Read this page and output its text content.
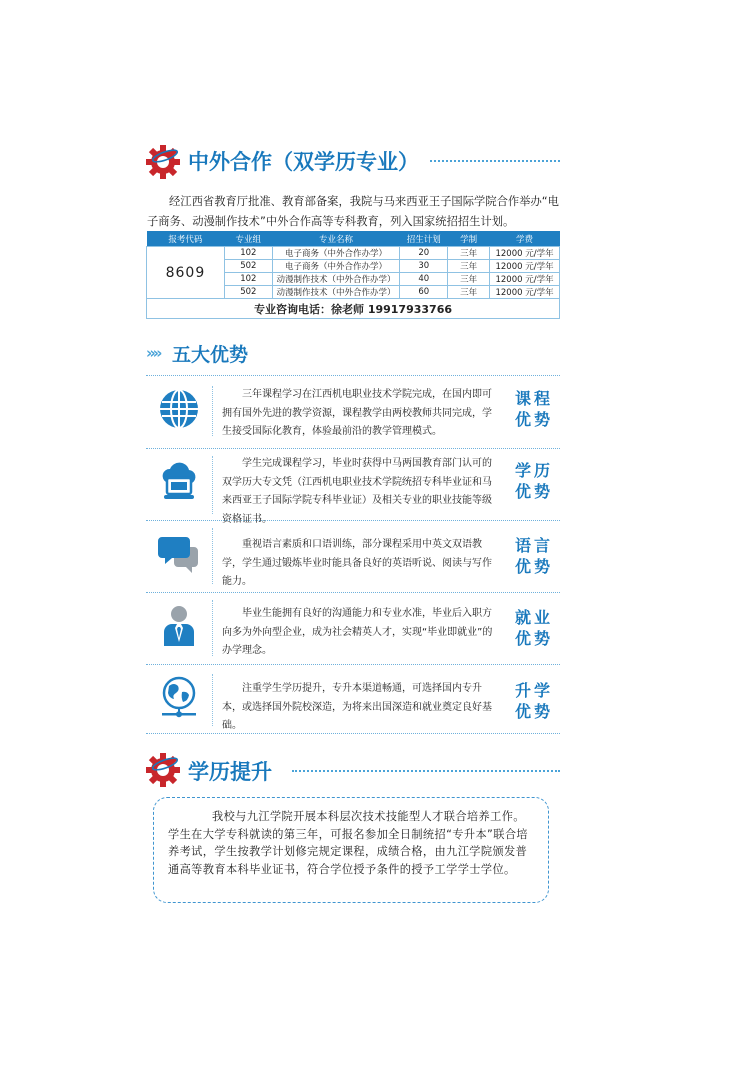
中外合作（双学历专业）
经江西省教育厅批准、教育部备案，我院与马来西亚王子国际学院合作举办“电子商务、动漫制作技术”中外合作高等专科教育，列入国家统招招生计划。
报考代码	专业组	专业名称	招生计划	学制	学费
8609	102	电子商务（中外合作办学）	20	三年	12000 元/学年
	502	电子商务（中外合作办学）	30	三年	12000 元/学年
	102	动漫制作技术（中外合作办学）	40	三年	12000 元/学年
	502	动漫制作技术（中外合作办学）	60	三年	12000 元/学年
专业咨询电话：徐老师 19917933766					
»» 五大优势
三年课程学习在江西机电职业技术学院完成，在国内即可拥有国外先进的教学资源，课程教学由两校教师共同完成，学生接受国际化教育，体验最前沿的教学管理模式。
课程
优势
学生完成课程学习，毕业时获得中马两国教育部门认可的双学历大专文凭（江西机电职业技术学院统招专科毕业证和马来西亚王子国际学院专科毕业证）及相关专业的职业技能等级资格证书。
学历
优势
重视语言素质和口语训练，部分课程采用中英文双语教学，学生通过锻炼毕业时能具备良好的英语听说、阅读与写作能力。
语言
优势
毕业生能拥有良好的沟通能力和专业水准，毕业后入职方向多为外向型企业，成为社会精英人才，实现“毕业即就业”的办学理念。
就业
优势
注重学生学历提升，专升本渠道畅通，可选择国内专升本，或选择国外院校深造，为将来出国深造和就业奠定良好基础。
升学
优势
学历提升
我校与九江学院开展本科层次技术技能型人才联合培养工作。学生在大学专科就读的第三年，可报名参加全日制统招“专升本”联合培养考试，学生按教学计划修完规定课程，成绩合格，由九江学院颁发普通高等教育本科毕业证书，符合学位授予条件的授予工学学士学位。
